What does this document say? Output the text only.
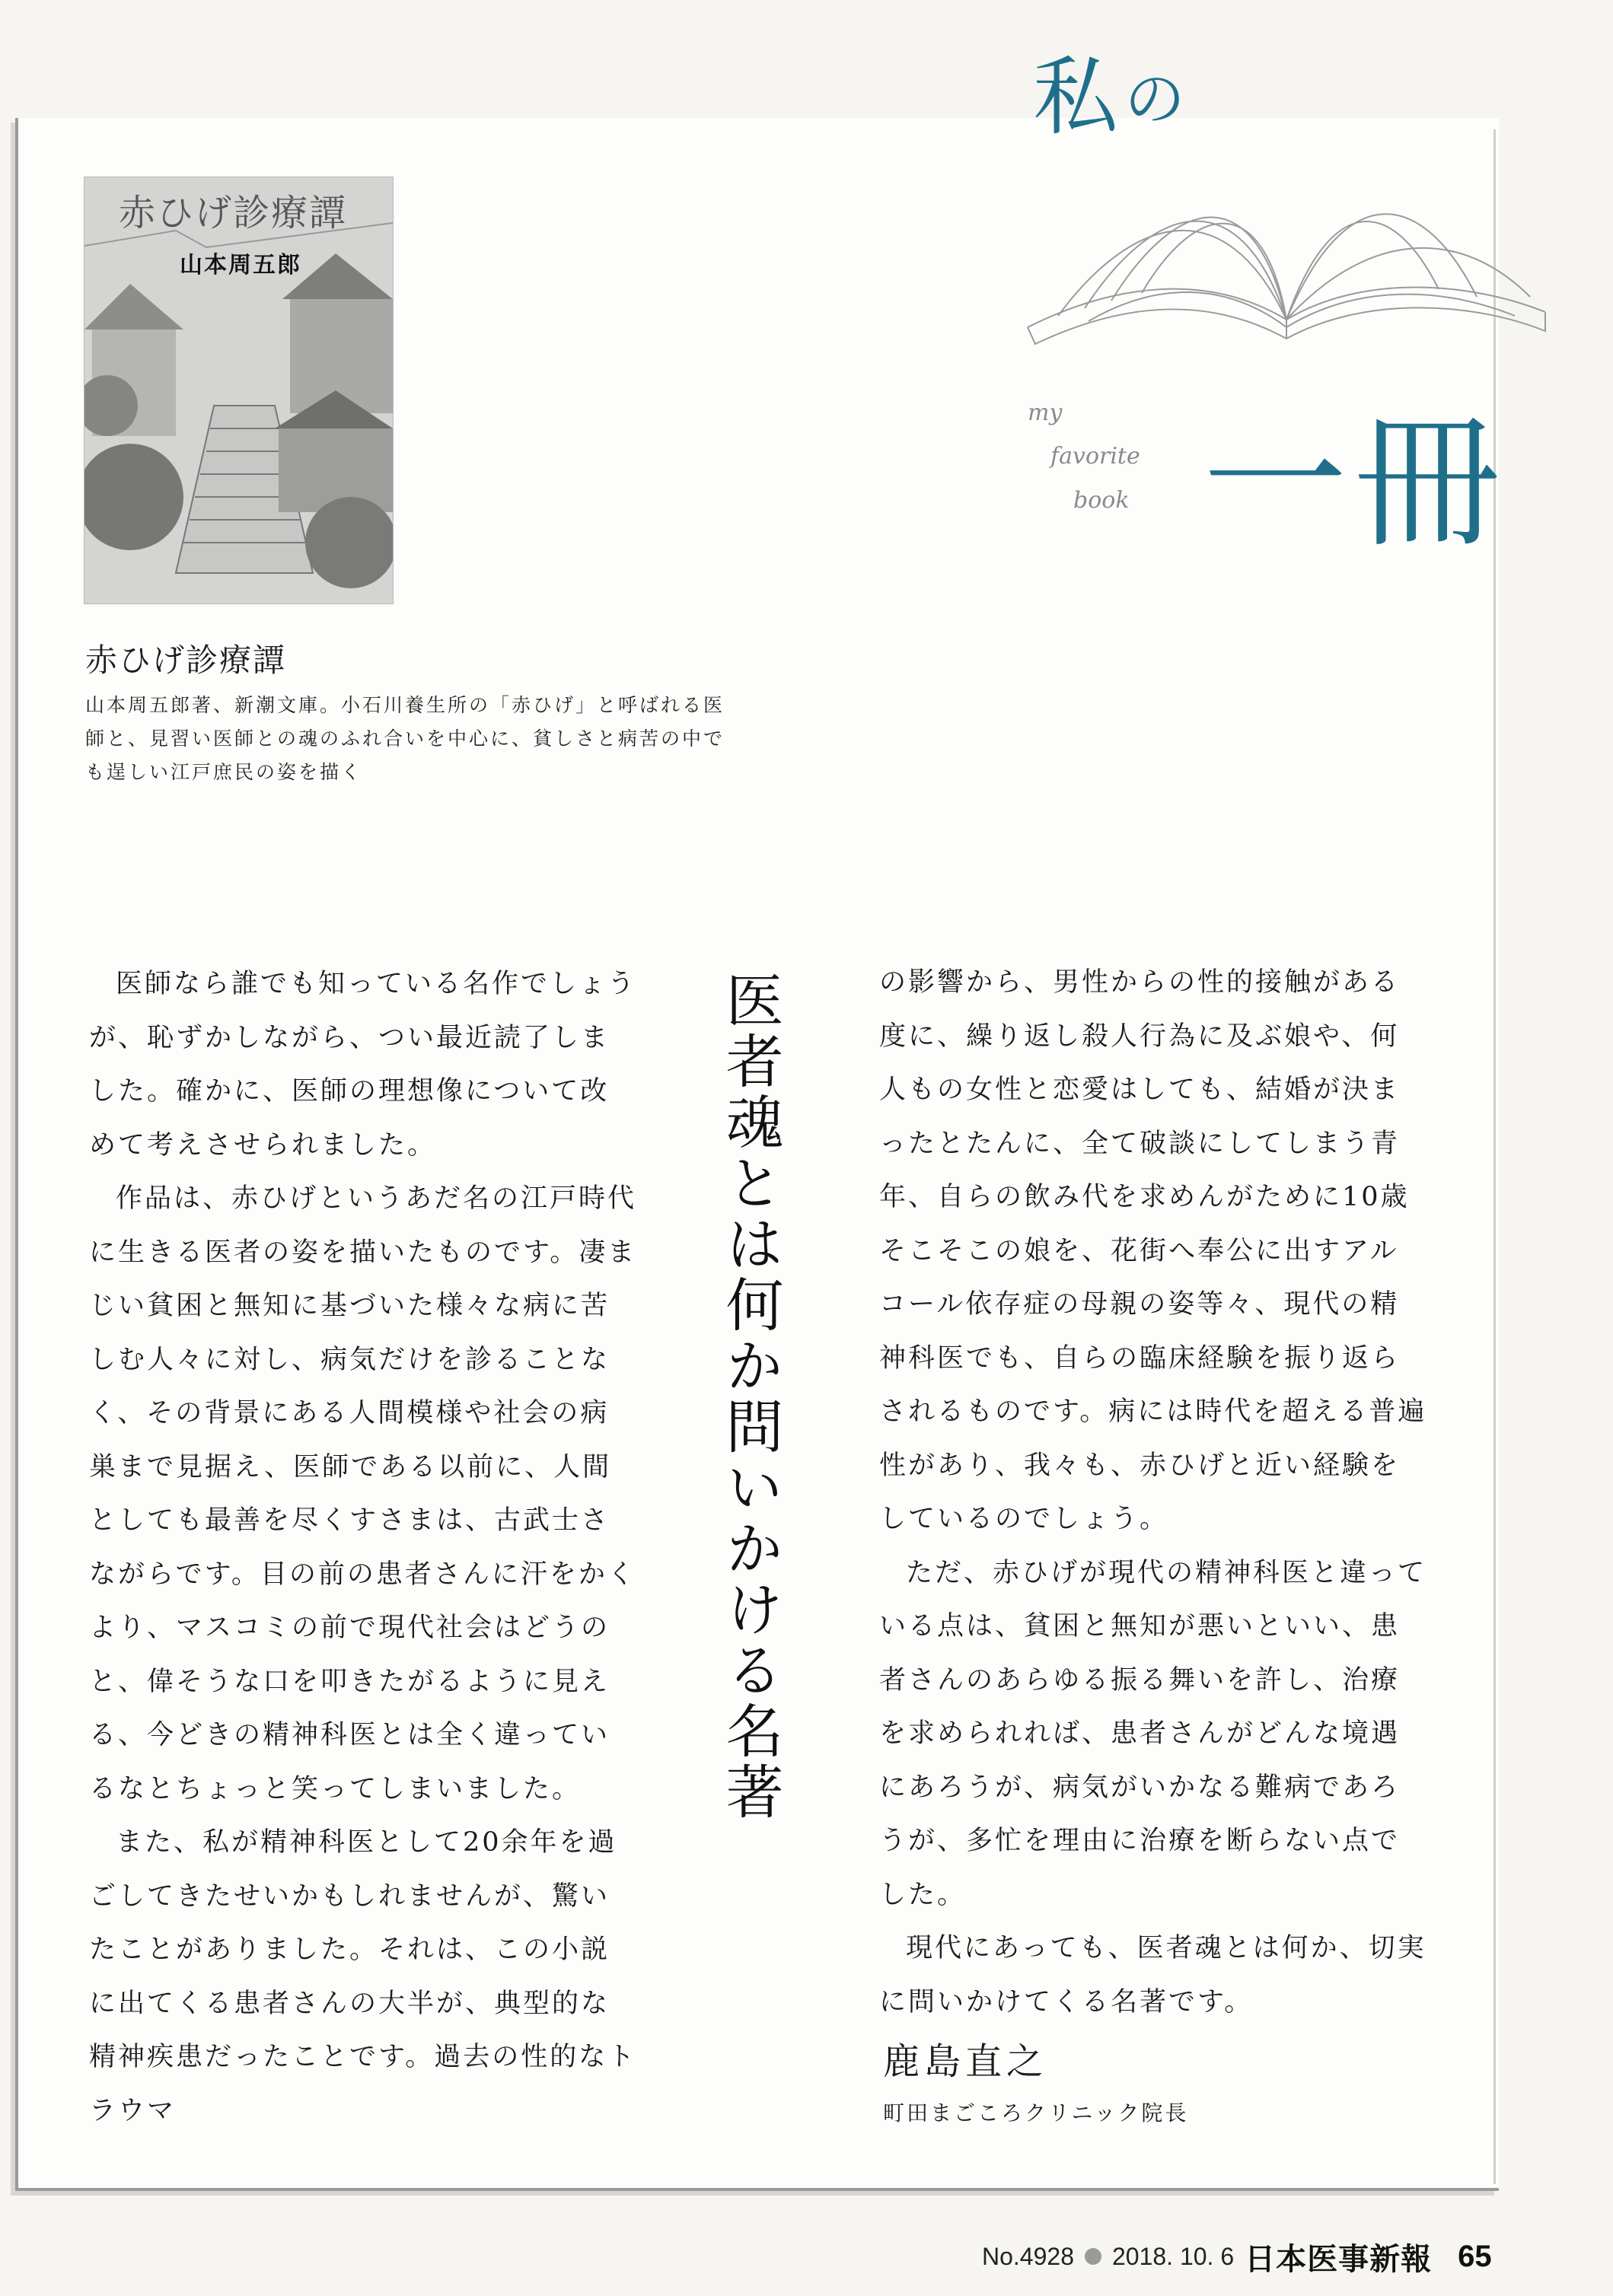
私の
my
favorite
book 一冊
赤ひげ診療譚
山本周五郎
赤ひげ診療譚
山本周五郎著、新潮文庫。小石川養生所の「赤ひげ」と呼ばれる医師と、見習い医師との魂のふれ合いを中心に、貧しさと病苦の中でも逞しい江戸庶民の姿を描く
医者魂とは何か問いかける名著

医師なら誰でも知っている名作でしょうが、恥ずかしながら、つい最近読了しました。確かに、医師の理想像について改めて考えさせられました。

作品は、赤ひげというあだ名の江戸時代に生きる医者の姿を描いたものです。凄まじい貧困と無知に基づいた様々な病に苦しむ人々に対し、病気だけを診ることなく、その背景にある人間模様や社会の病巣まで見据え、医師である以前に、人間としても最善を尽くすさまは、古武士さながらです。目の前の患者さんに汗をかくより、マスコミの前で現代社会はどうのと、偉そうな口を叩きたがるように見える、今どきの精神科医とは全く違っているなとちょっと笑ってしまいました。

また、私が精神科医として20余年を過ごしてきたせいかもしれませんが、驚いたことがありました。それは、この小説に出てくる患者さんの大半が、典型的な精神疾患だったことです。過去の性的なトラウマ

の影響から、男性からの性的接触がある度に、繰り返し殺人行為に及ぶ娘や、何人もの女性と恋愛はしても、結婚が決まったとたんに、全て破談にしてしまう青年、自らの飲み代を求めんがために10歳そこそこの娘を、花街へ奉公に出すアルコール依存症の母親の姿等々、現代の精神科医でも、自らの臨床経験を振り返らされるものです。病には時代を超える普遍性があり、我々も、赤ひげと近い経験をしているのでしょう。

ただ、赤ひげが現代の精神科医と違っている点は、貧困と無知が悪いといい、患者さんのあらゆる振る舞いを許し、治療を求められれば、患者さんがどんな境遇にあろうが、病気がいかなる難病であろうが、多忙を理由に治療を断らない点でした。

現代にあっても、医者魂とは何か、切実に問いかけてくる名著です。

鹿島直之
町田まごころクリニック院長
No.4928 2018. 10. 6 日本医事新報 65
